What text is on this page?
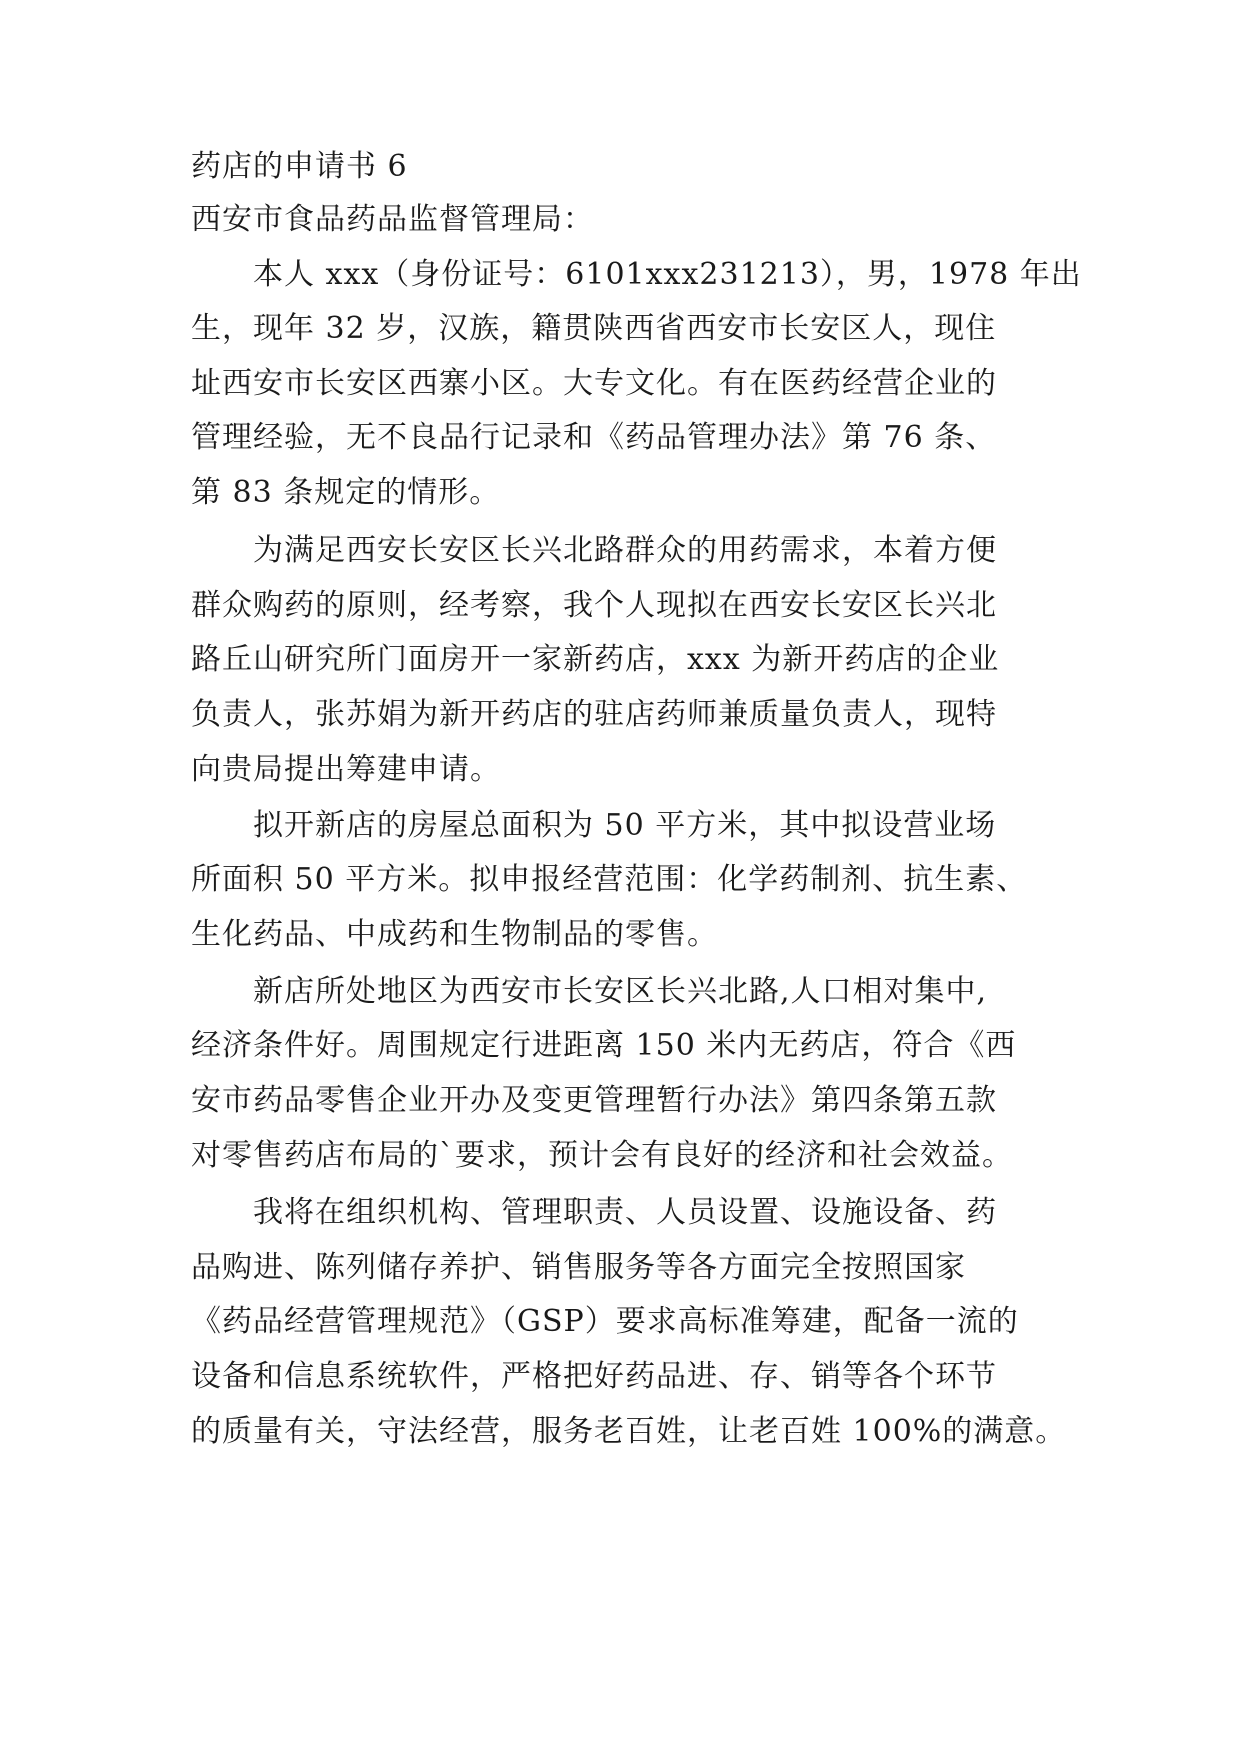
药店的申请书 6
西安市食品药品监督管理局：
本人 xxx（身份证号：6101xxx231213），男，1978 年出
生，现年 32 岁，汉族，籍贯陕西省西安市长安区人，现住
址西安市长安区西寨小区。大专文化。有在医药经营企业的
管理经验，无不良品行记录和《药品管理办法》第 76 条、
第 83 条规定的情形。
为满足西安长安区长兴北路群众的用药需求，本着方便
群众购药的原则，经考察，我个人现拟在西安长安区长兴北
路丘山研究所门面房开一家新药店，xxx 为新开药店的企业
负责人，张苏娟为新开药店的驻店药师兼质量负责人，现特
向贵局提出筹建申请。
拟开新店的房屋总面积为 50 平方米，其中拟设营业场
所面积 50 平方米。拟申报经营范围：化学药制剂、抗生素、
生化药品、中成药和生物制品的零售。
新店所处地区为西安市长安区长兴北路,人口相对集中,
经济条件好。周围规定行进距离 150 米内无药店，符合《西
安市药品零售企业开办及变更管理暂行办法》第四条第五款
对零售药店布局的`要求，预计会有良好的经济和社会效益。
我将在组织机构、管理职责、人员设置、设施设备、药
品购进、陈列储存养护、销售服务等各方面完全按照国家
《药品经营管理规范》（GSP）要求高标准筹建，配备一流的
设备和信息系统软件，严格把好药品进、存、销等各个环节
的质量有关，守法经营，服务老百姓，让老百姓 100%的满意。
